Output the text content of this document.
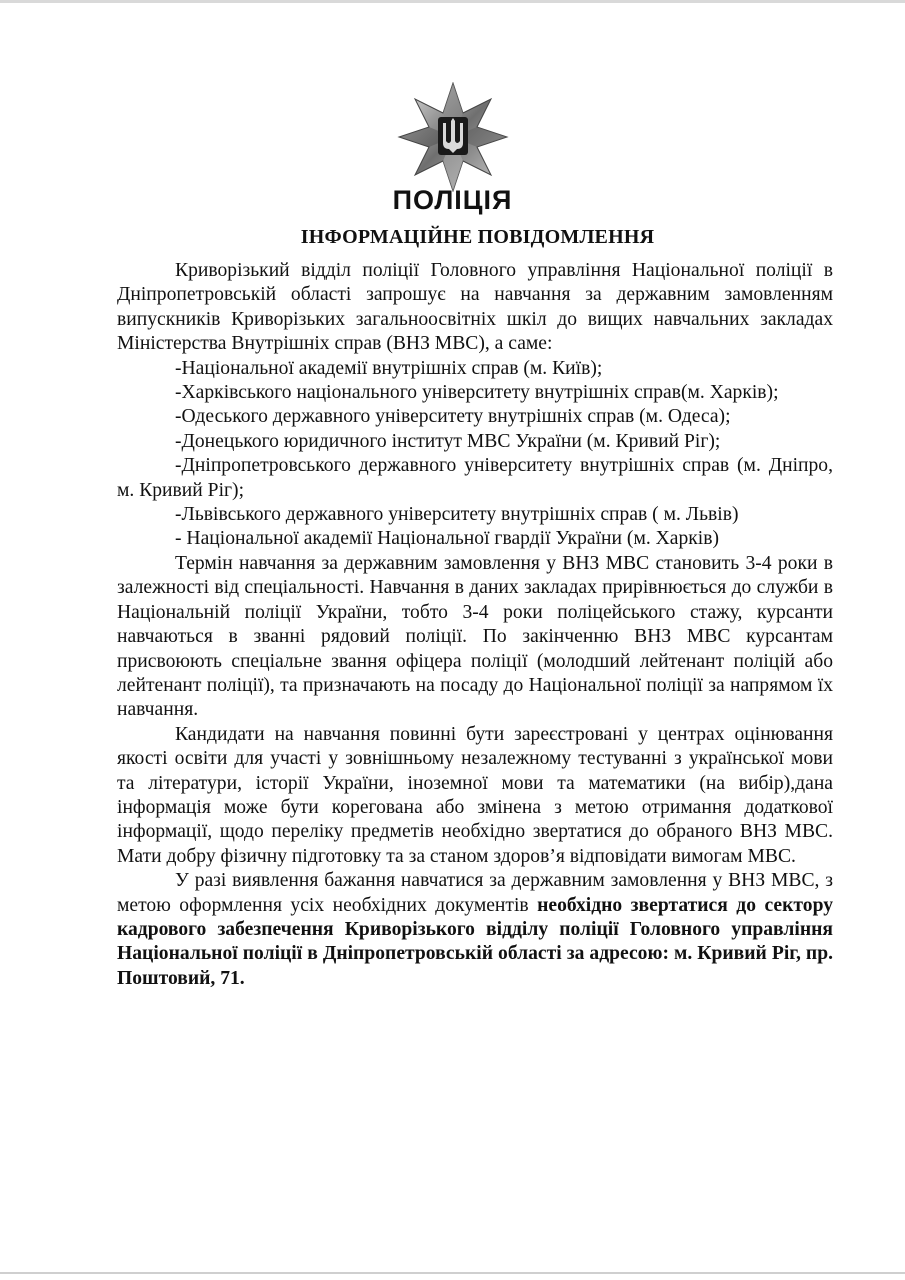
ПОЛІЦІЯ
ІНФОРМАЦІЙНЕ ПОВІДОМЛЕННЯ

Криворізький відділ поліції Головного управління Національної поліції в Дніпропетровській області запрошує на навчання за державним замовленням випускників Криворізьких загальноосвітніх шкіл до вищих навчальних закладах Міністерства Внутрішніх справ (ВНЗ МВС), а саме:

-Національної академії внутрішніх справ (м. Київ);

-Харківського національного університету внутрішніх справ(м. Харків);

-Одеського державного університету внутрішніх справ (м. Одеса);

-Донецького юридичного інститут МВС України (м. Кривий Ріг);

-Дніпропетровського державного університету внутрішніх справ (м. Дніпро, м. Кривий Ріг);

-Львівського державного університету внутрішніх справ ( м. Львів)

- Національної академії Національної гвардії України (м. Харків)

Термін навчання за державним замовлення у ВНЗ МВС становить 3-4 роки в залежності від спеціальності. Навчання в даних закладах прирівнюється до служби в Національній поліції України, тобто 3-4 роки поліцейського стажу, курсанти навчаються в званні рядовий поліції. По закінченню ВНЗ МВС курсантам присвоюють спеціальне звання офіцера поліції (молодший лейтенант поліцій або лейтенант поліції), та призначають на посаду до Національної поліції за напрямом їх навчання.

Кандидати на навчання повинні бути зареєстровані у центрах оцінювання якості освіти для участі у зовнішньому незалежному тестуванні з української мови та літератури, історії України, іноземної мови та математики (на вибір),дана інформація може бути корегована або змінена з метою отримання додаткової інформації, щодо переліку предметів необхідно звертатися до обраного ВНЗ МВС. Мати добру фізичну підготовку та за станом здоров’я відповідати вимогам МВС.

У разі виявлення бажання навчатися за державним замовлення у ВНЗ МВС, з метою оформлення усіх необхідних документів необхідно звертатися до сектору кадрового забезпечення Криворізького відділу поліції Головного управління Національної поліції в Дніпропетровській області за адресою: м. Кривий Ріг, пр. Поштовий, 71.
